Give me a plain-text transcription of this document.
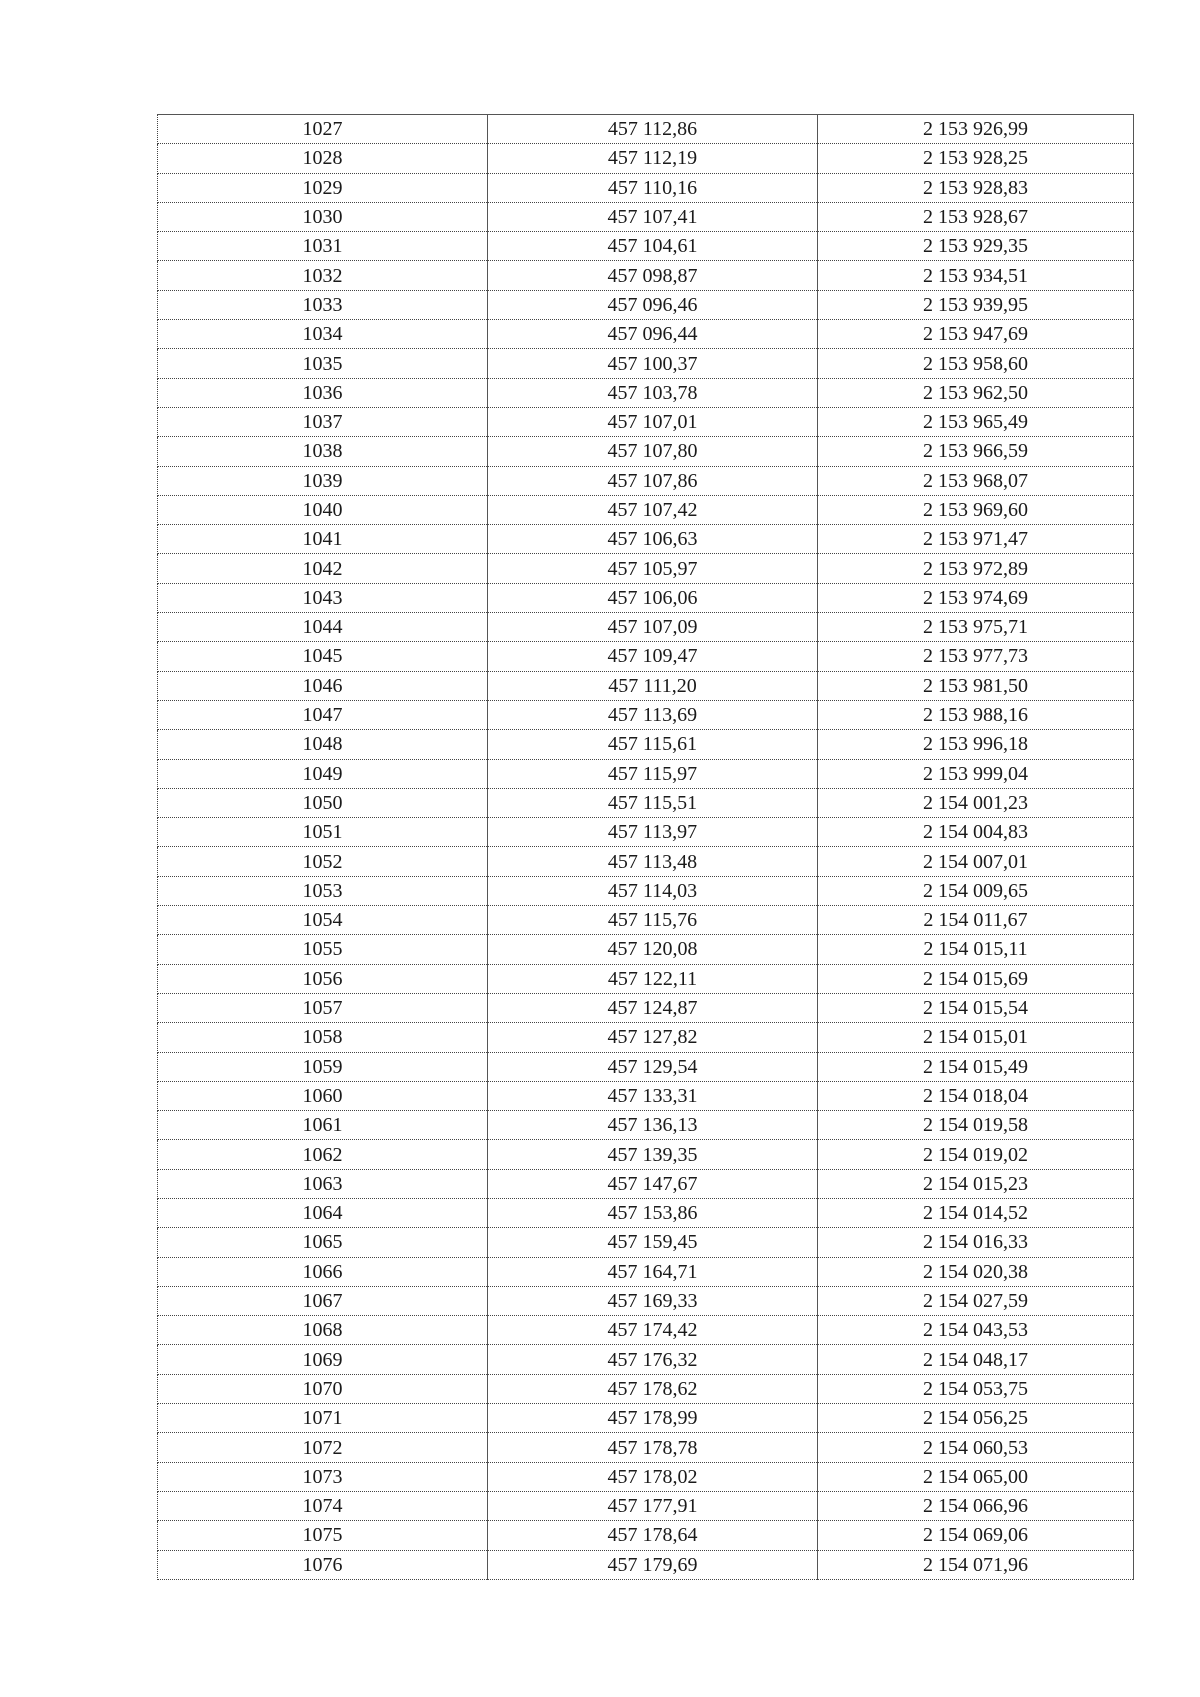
1027	457 112,86	2 153 926,99
1028	457 112,19	2 153 928,25
1029	457 110,16	2 153 928,83
1030	457 107,41	2 153 928,67
1031	457 104,61	2 153 929,35
1032	457 098,87	2 153 934,51
1033	457 096,46	2 153 939,95
1034	457 096,44	2 153 947,69
1035	457 100,37	2 153 958,60
1036	457 103,78	2 153 962,50
1037	457 107,01	2 153 965,49
1038	457 107,80	2 153 966,59
1039	457 107,86	2 153 968,07
1040	457 107,42	2 153 969,60
1041	457 106,63	2 153 971,47
1042	457 105,97	2 153 972,89
1043	457 106,06	2 153 974,69
1044	457 107,09	2 153 975,71
1045	457 109,47	2 153 977,73
1046	457 111,20	2 153 981,50
1047	457 113,69	2 153 988,16
1048	457 115,61	2 153 996,18
1049	457 115,97	2 153 999,04
1050	457 115,51	2 154 001,23
1051	457 113,97	2 154 004,83
1052	457 113,48	2 154 007,01
1053	457 114,03	2 154 009,65
1054	457 115,76	2 154 011,67
1055	457 120,08	2 154 015,11
1056	457 122,11	2 154 015,69
1057	457 124,87	2 154 015,54
1058	457 127,82	2 154 015,01
1059	457 129,54	2 154 015,49
1060	457 133,31	2 154 018,04
1061	457 136,13	2 154 019,58
1062	457 139,35	2 154 019,02
1063	457 147,67	2 154 015,23
1064	457 153,86	2 154 014,52
1065	457 159,45	2 154 016,33
1066	457 164,71	2 154 020,38
1067	457 169,33	2 154 027,59
1068	457 174,42	2 154 043,53
1069	457 176,32	2 154 048,17
1070	457 178,62	2 154 053,75
1071	457 178,99	2 154 056,25
1072	457 178,78	2 154 060,53
1073	457 178,02	2 154 065,00
1074	457 177,91	2 154 066,96
1075	457 178,64	2 154 069,06
1076	457 179,69	2 154 071,96
